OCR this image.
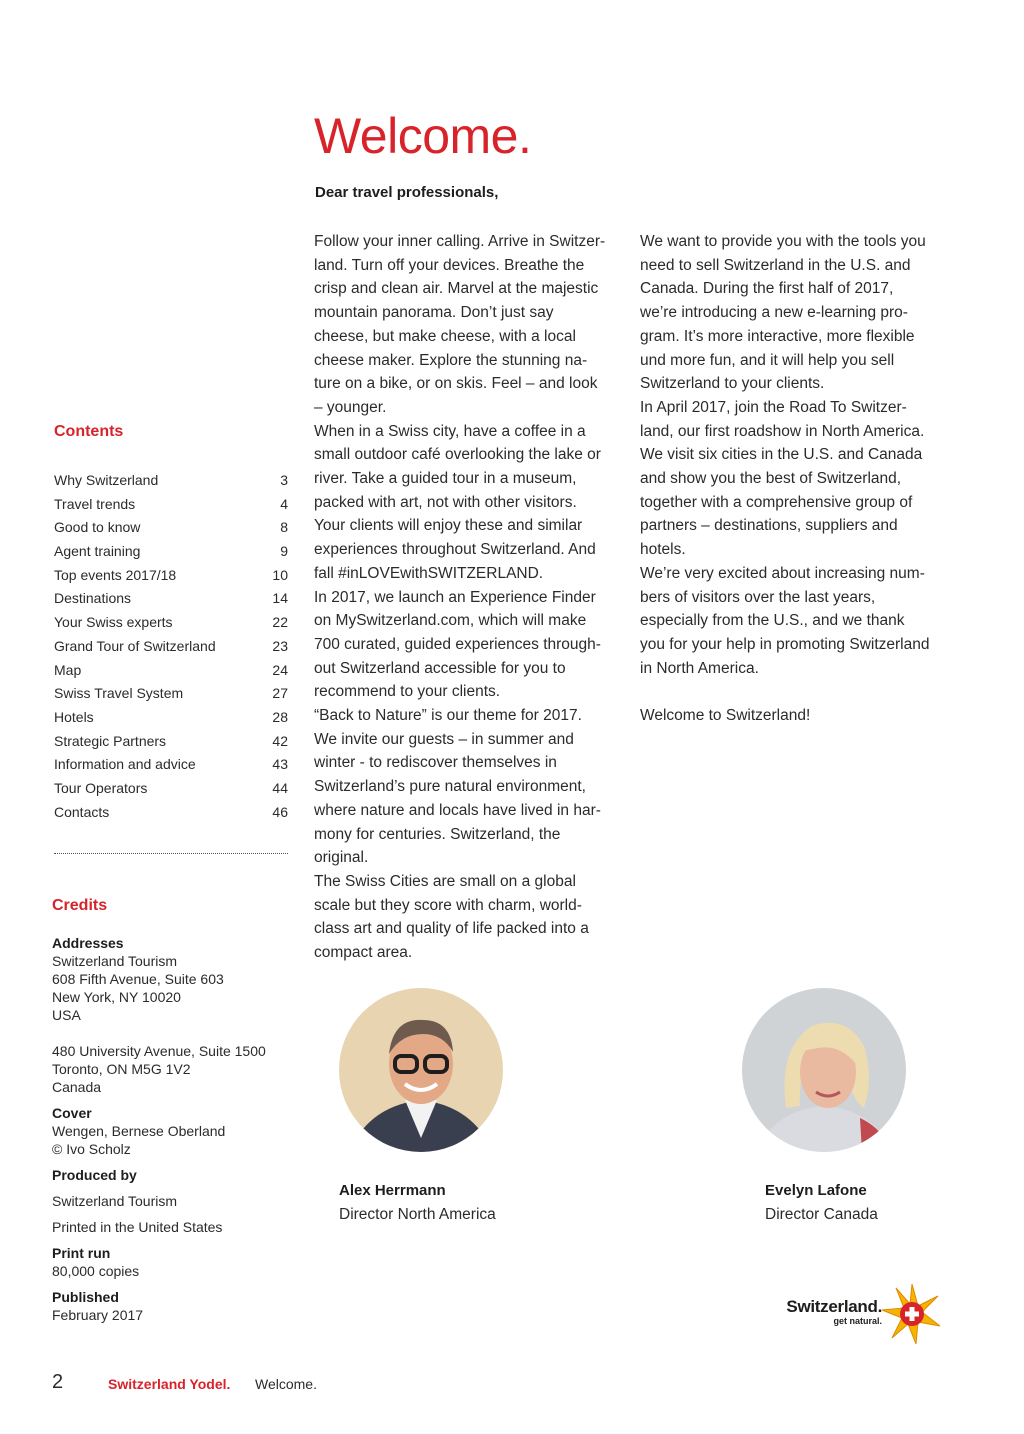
Welcome.
Dear travel professionals,

Follow your inner calling. Arrive in Switzer-

land. Turn off your devices. Breathe the

crisp and clean air. Marvel at the majestic

mountain panorama. Don’t just say

cheese, but make cheese, with a local

cheese maker. Explore the stunning na-

ture on a bike, or on skis. Feel – and look

– younger.

When in a Swiss city, have a coffee in a

small outdoor café overlooking the lake or

river. Take a guided tour in a museum,

packed with art, not with other visitors.

Your clients will enjoy these and similar

experiences throughout Switzerland. And

fall #inLOVEwithSWITZERLAND.

In 2017, we launch an Experience Finder

on MySwitzerland.com, which will make

700 curated, guided experiences through-

out Switzerland accessible for you to

recommend to your clients.

“Back to Nature” is our theme for 2017.

We invite our guests – in summer and

winter - to rediscover themselves in

Switzerland’s pure natural environment,

where nature and locals have lived in har-

mony for centuries. Switzerland, the

original.

The Swiss Cities are small on a global

scale but they score with charm, world-

class art and quality of life packed into a

compact area.

We want to provide you with the tools you

need to sell Switzerland in the U.S. and

Canada. During the first half of 2017,

we’re introducing a new e-learning pro-

gram. It’s more interactive, more flexible

und more fun, and it will help you sell

Switzerland to your clients.

In April 2017, join the Road To Switzer-

land, our first roadshow in North America.

We visit six cities in the U.S. and Canada

and show you the best of Switzerland,

together with a comprehensive group of

partners – destinations, suppliers and

hotels.

We’re very excited about increasing num-

bers of visitors over the last years,

especially from the U.S., and we thank

you for your help in promoting Switzerland

in North America.

Welcome to Switzerland!

Contents
Why Switzerland	3
Travel trends	4
Good to know	8
Agent training	9
Top events 2017/18	10
Destinations	14
Your Swiss experts	22
Grand Tour of Switzerland	23
Map	24
Swiss Travel System	27
Hotels	28
Strategic Partners	42
Information and advice	43
Tour Operators	44
Contacts	46
Credits
Addresses
Switzerland Tourism
608 Fifth Avenue, Suite 603
New York, NY 10020
USA
480 University Avenue, Suite 1500
Toronto, ON M5G 1V2
Canada
Cover
Wengen, Bernese Oberland
© Ivo Scholz
Produced by
Switzerland Tourism
Printed in the United States
Print run
80,000 copies
Published
February 2017
Alex Herrmann
Director North America
Evelyn Lafone
Director Canada
Switzerland.
get natural.
2	Switzerland Yodel. Welcome.
